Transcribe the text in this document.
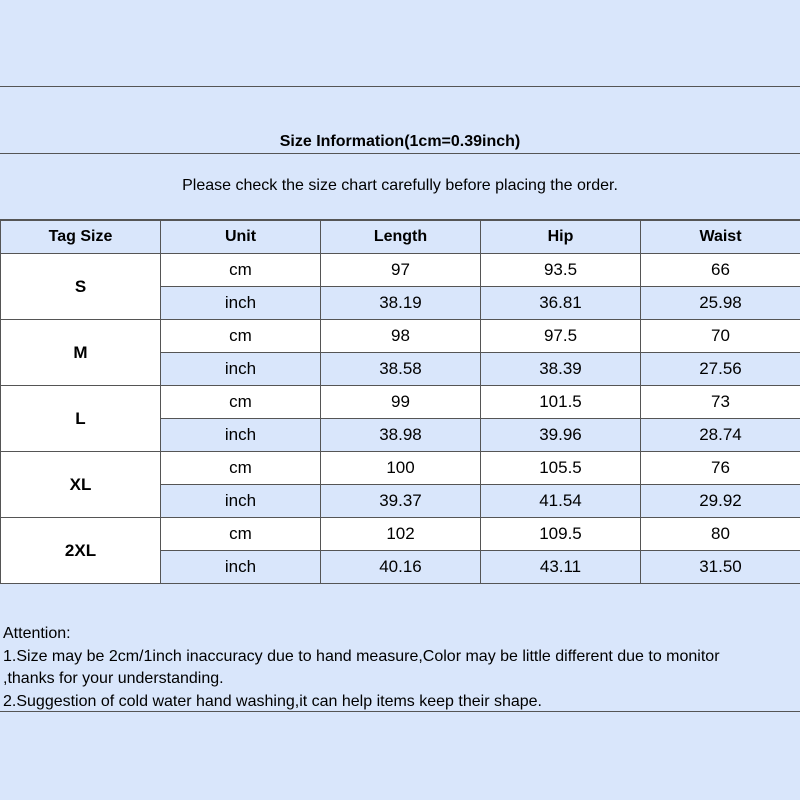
Size Information(1cm=0.39inch)
Please check the size chart carefully before placing the order.
Tag Size	Unit	Length	Hip	Waist
S	cm	97	93.5	66
	inch	38.19	36.81	25.98
M	cm	98	97.5	70
	inch	38.58	38.39	27.56
L	cm	99	101.5	73
	inch	38.98	39.96	28.74
XL	cm	100	105.5	76
	inch	39.37	41.54	29.92
2XL	cm	102	109.5	80
	inch	40.16	43.11	31.50
Attention:
1.Size may be 2cm/1inch inaccuracy due to hand measure,Color may be little different due to monitor
,thanks for your understanding.
2.Suggestion of cold water hand washing,it can help items keep their shape.
